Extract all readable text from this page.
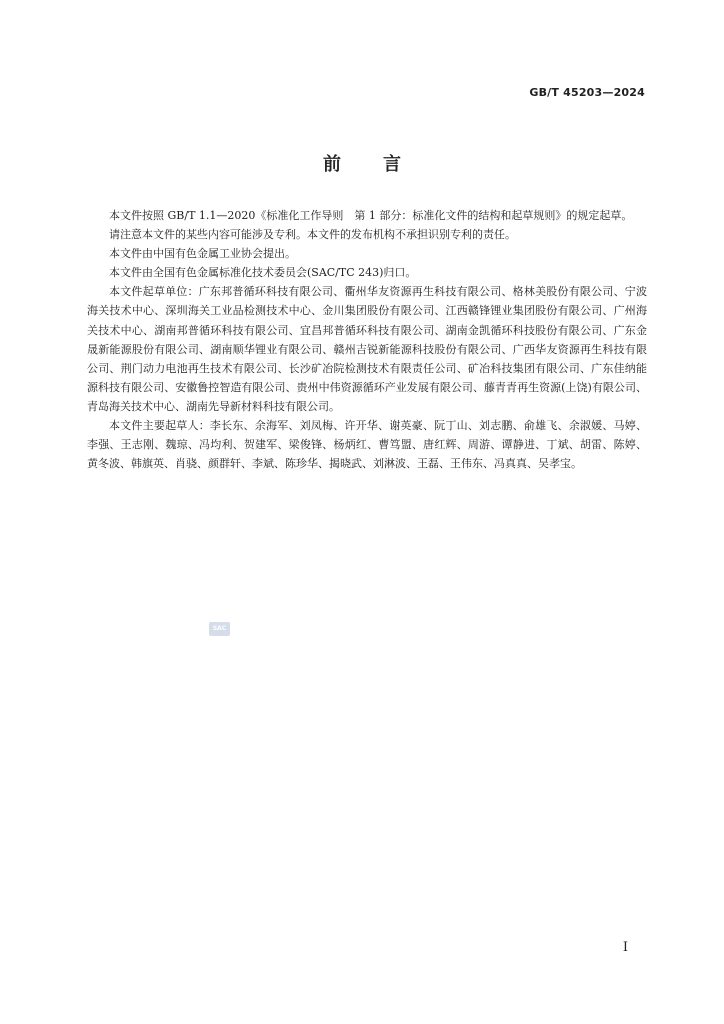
GB/T 45203—2024
前言

本文件按照 GB/T 1.1—2020《标准化工作导则　第 1 部分：标准化文件的结构和起草规则》的规定起草。

请注意本文件的某些内容可能涉及专利。本文件的发布机构不承担识别专利的责任。

本文件由中国有色金属工业协会提出。

本文件由全国有色金属标准化技术委员会(SAC/TC 243)归口。

本文件起草单位：广东邦普循环科技有限公司、衢州华友资源再生科技有限公司、格林美股份有限公司、宁波海关技术中心、深圳海关工业品检测技术中心、金川集团股份有限公司、江西赣锋锂业集团股份有限公司、广州海关技术中心、湖南邦普循环科技有限公司、宜昌邦普循环科技有限公司、湖南金凯循环科技股份有限公司、广东金晟新能源股份有限公司、湖南顺华锂业有限公司、赣州吉锐新能源科技股份有限公司、广西华友资源再生科技有限公司、荆门动力电池再生技术有限公司、长沙矿冶院检测技术有限责任公司、矿冶科技集团有限公司、广东佳纳能源科技有限公司、安徽鲁控智造有限公司、贵州中伟资源循环产业发展有限公司、藤青青再生资源(上饶)有限公司、青岛海关技术中心、湖南先导新材料科技有限公司。

本文件主要起草人：李长东、余海军、刘凤梅、许开华、谢英豪、阮丁山、刘志鹏、俞雄飞、余淑媛、马婷、李强、王志刚、魏琼、冯均利、贺建军、梁俊锋、杨炳红、曹笃盟、唐红辉、周游、谭静进、丁斌、胡雷、陈婷、黄冬波、韩旗英、肖骁、颜群轩、李斌、陈珍华、揭晓武、刘淋波、王磊、王伟东、冯真真、吴孝宝。

SAC
I
